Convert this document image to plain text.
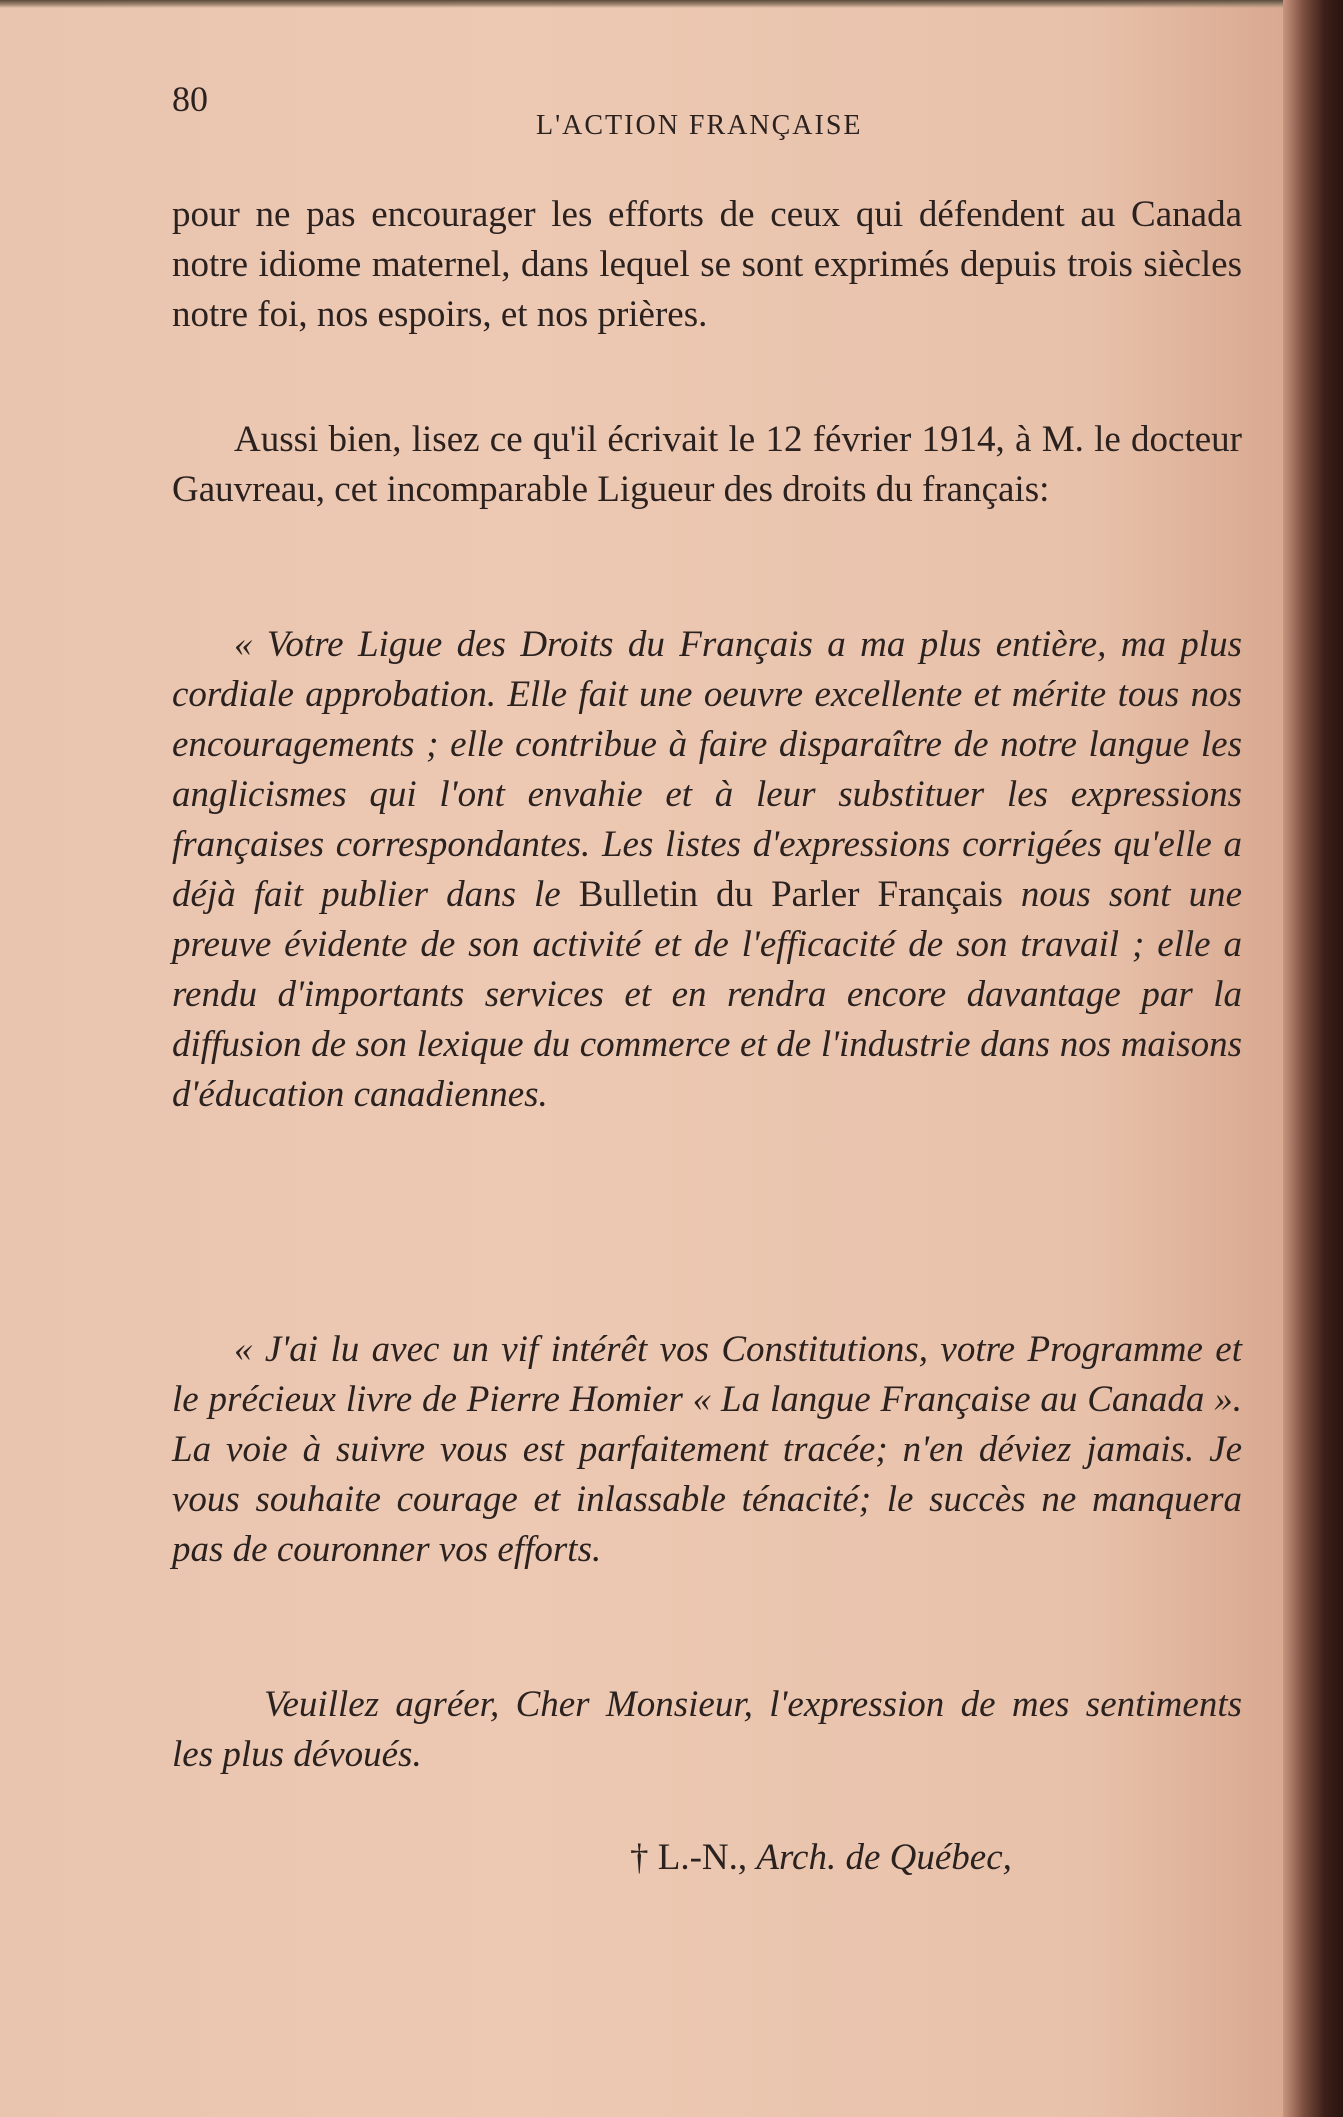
80
L'ACTION FRANÇAISE
pour ne pas encourager les efforts de ceux qui défendent au Canada notre idiome maternel, dans lequel se sont exprimés depuis trois siècles notre foi, nos espoirs, et nos prières.
Aussi bien, lisez ce qu'il écrivait le 12 février 1914, à M. le docteur Gauvreau, cet incomparable Ligueur des droits du français:
« Votre Ligue des Droits du Français a ma plus entière, ma plus cordiale approbation. Elle fait une oeuvre excellente et mérite tous nos encouragements ; elle contribue à faire disparaître de notre langue les anglicismes qui l'ont envahie et à leur substituer les expressions françaises correspondantes. Les listes d'expressions corrigées qu'elle a déjà fait publier dans le Bulletin du Parler Français nous sont une preuve évidente de son activité et de l'efficacité de son travail ; elle a rendu d'importants services et en rendra encore davantage par la diffusion de son lexique du commerce et de l'industrie dans nos maisons d'éducation canadiennes.
« J'ai lu avec un vif intérêt vos Constitutions, votre Programme et le précieux livre de Pierre Homier « La langue Française au Canada ». La voie à suivre vous est parfaitement tracée; n'en déviez jamais. Je vous souhaite courage et inlassable ténacité; le succès ne manquera pas de couronner vos efforts.
Veuillez agréer, Cher Monsieur, l'expression de mes sentiments les plus dévoués.
† L.-N., Arch. de Québec,
